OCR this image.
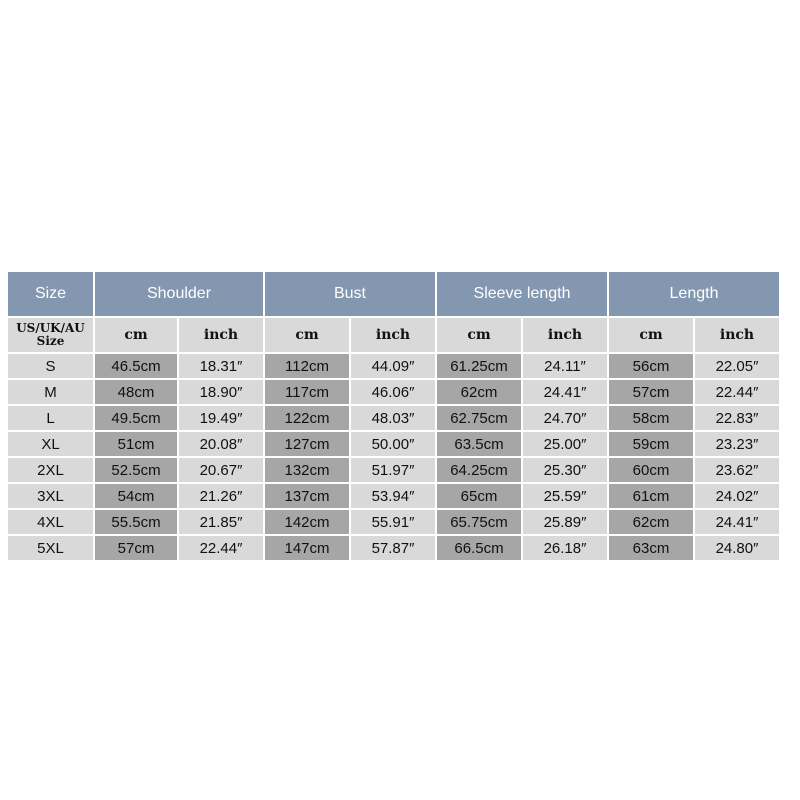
Size	Shoulder		Bust		Sleeve length		Length	

US/UK/AU
Size	cm	inch	cm	inch	cm	inch	cm	inch
S	46.5cm	18.31″	112cm	44.09″	61.25cm	24.11″	56cm	22.05″
M	48cm	18.90″	117cm	46.06″	62cm	24.41″	57cm	22.44″
L	49.5cm	19.49″	122cm	48.03″	62.75cm	24.70″	58cm	22.83″
XL	51cm	20.08″	127cm	50.00″	63.5cm	25.00″	59cm	23.23″
2XL	52.5cm	20.67″	132cm	51.97″	64.25cm	25.30″	60cm	23.62″
3XL	54cm	21.26″	137cm	53.94″	65cm	25.59″	61cm	24.02″
4XL	55.5cm	21.85″	142cm	55.91″	65.75cm	25.89″	62cm	24.41″
5XL	57cm	22.44″	147cm	57.87″	66.5cm	26.18″	63cm	24.80″
